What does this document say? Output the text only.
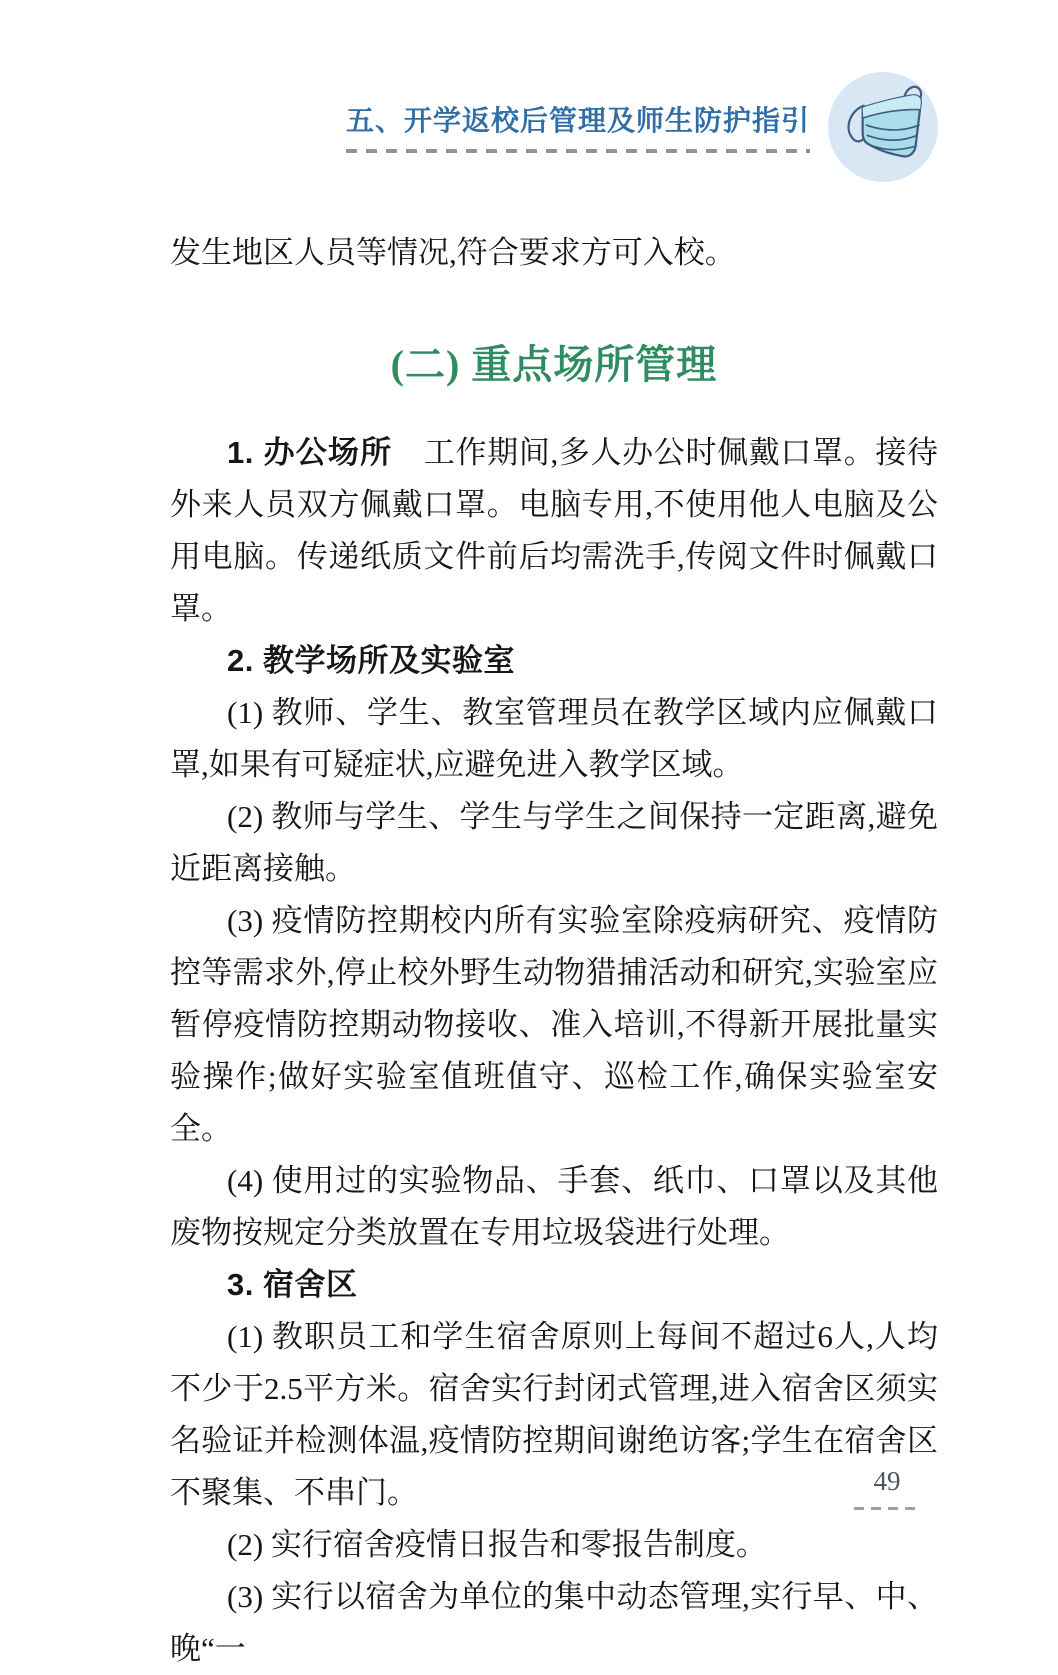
五、开学返校后管理及师生防护指引

发生地区人员等情况,符合要求方可入校。

(二) 重点场所管理

1. 办公场所　工作期间,多人办公时佩戴口罩。接待外来人员双方佩戴口罩。电脑专用,不使用他人电脑及公用电脑。传递纸质文件前后均需洗手,传阅文件时佩戴口罩。

2. 教学场所及实验室

(1) 教师、学生、教室管理员在教学区域内应佩戴口罩,如果有可疑症状,应避免进入教学区域。

(2) 教师与学生、学生与学生之间保持一定距离,避免近距离接触。

(3) 疫情防控期校内所有实验室除疫病研究、疫情防控等需求外,停止校外野生动物猎捕活动和研究,实验室应暂停疫情防控期动物接收、准入培训,不得新开展批量实验操作;做好实验室值班值守、巡检工作,确保实验室安全。

(4) 使用过的实验物品、手套、纸巾、口罩以及其他废物按规定分类放置在专用垃圾袋进行处理。

3. 宿舍区

(1) 教职员工和学生宿舍原则上每间不超过6人,人均不少于2.5平方米。宿舍实行封闭式管理,进入宿舍区须实名验证并检测体温,疫情防控期间谢绝访客;学生在宿舍区不聚集、不串门。

(2) 实行宿舍疫情日报告和零报告制度。

(3) 实行以宿舍为单位的集中动态管理,实行早、中、晚“一

49
